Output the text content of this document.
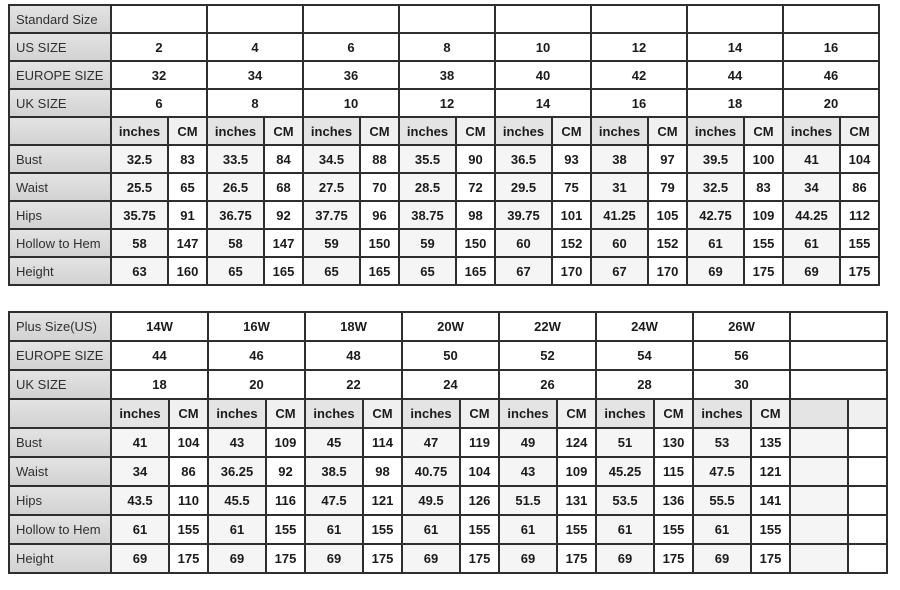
Standard Size																
US SIZE	2		4		6		8		10		12		14		16	
EUROPE SIZE	32		34		36		38		40		42		44		46	
UK SIZE	6		8		10		12		14		16		18		20	
	inches	CM	inches	CM	inches	CM	inches	CM	inches	CM	inches	CM	inches	CM	inches	CM
Bust	32.5	83	33.5	84	34.5	88	35.5	90	36.5	93	38	97	39.5	100	41	104
Waist	25.5	65	26.5	68	27.5	70	28.5	72	29.5	75	31	79	32.5	83	34	86
Hips	35.75	91	36.75	92	37.75	96	38.75	98	39.75	101	41.25	105	42.75	109	44.25	112
Hollow to Hem	58	147	58	147	59	150	59	150	60	152	60	152	61	155	61	155
Height	63	160	65	165	65	165	65	165	67	170	67	170	69	175	69	175
Plus Size(US)	14W		16W		18W		20W		22W		24W		26W			
EUROPE SIZE	44		46		48		50		52		54		56			
UK SIZE	18		20		22		24		26		28		30			
	inches	CM	inches	CM	inches	CM	inches	CM	inches	CM	inches	CM	inches	CM		
Bust	41	104	43	109	45	114	47	119	49	124	51	130	53	135		
Waist	34	86	36.25	92	38.5	98	40.75	104	43	109	45.25	115	47.5	121		
Hips	43.5	110	45.5	116	47.5	121	49.5	126	51.5	131	53.5	136	55.5	141		
Hollow to Hem	61	155	61	155	61	155	61	155	61	155	61	155	61	155		
Height	69	175	69	175	69	175	69	175	69	175	69	175	69	175		
